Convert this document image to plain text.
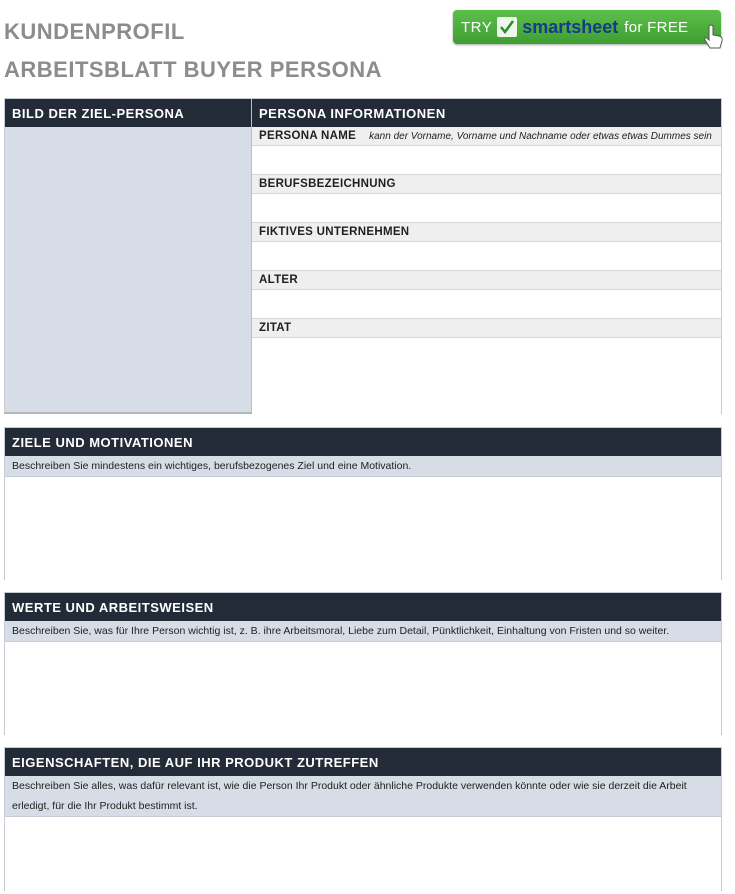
KUNDENPROFIL
ARBEITSBLATT BUYER PERSONA
TRY smartsheet for FREE
BILD DER ZIEL-PERSONA	PERSONA INFORMATIONEN
PERSONA NAME kann der Vorname, Vorname und Nachname oder etwas etwas Dummes sein
BERUFSBEZEICHNUNG
FIKTIVES UNTERNEHMEN
ALTER
ZITAT
ZIELE UND MOTIVATIONEN
Beschreiben Sie mindestens ein wichtiges, berufsbezogenes Ziel und eine Motivation.
WERTE UND ARBEITSWEISEN
Beschreiben Sie, was für Ihre Person wichtig ist, z. B. ihre Arbeitsmoral, Liebe zum Detail, Pünktlichkeit, Einhaltung von Fristen und so weiter.
EIGENSCHAFTEN, DIE AUF IHR PRODUKT ZUTREFFEN
Beschreiben Sie alles, was dafür relevant ist, wie die Person Ihr Produkt oder ähnliche Produkte verwenden könnte oder wie sie derzeit die Arbeit erledigt, für die Ihr Produkt bestimmt ist.
